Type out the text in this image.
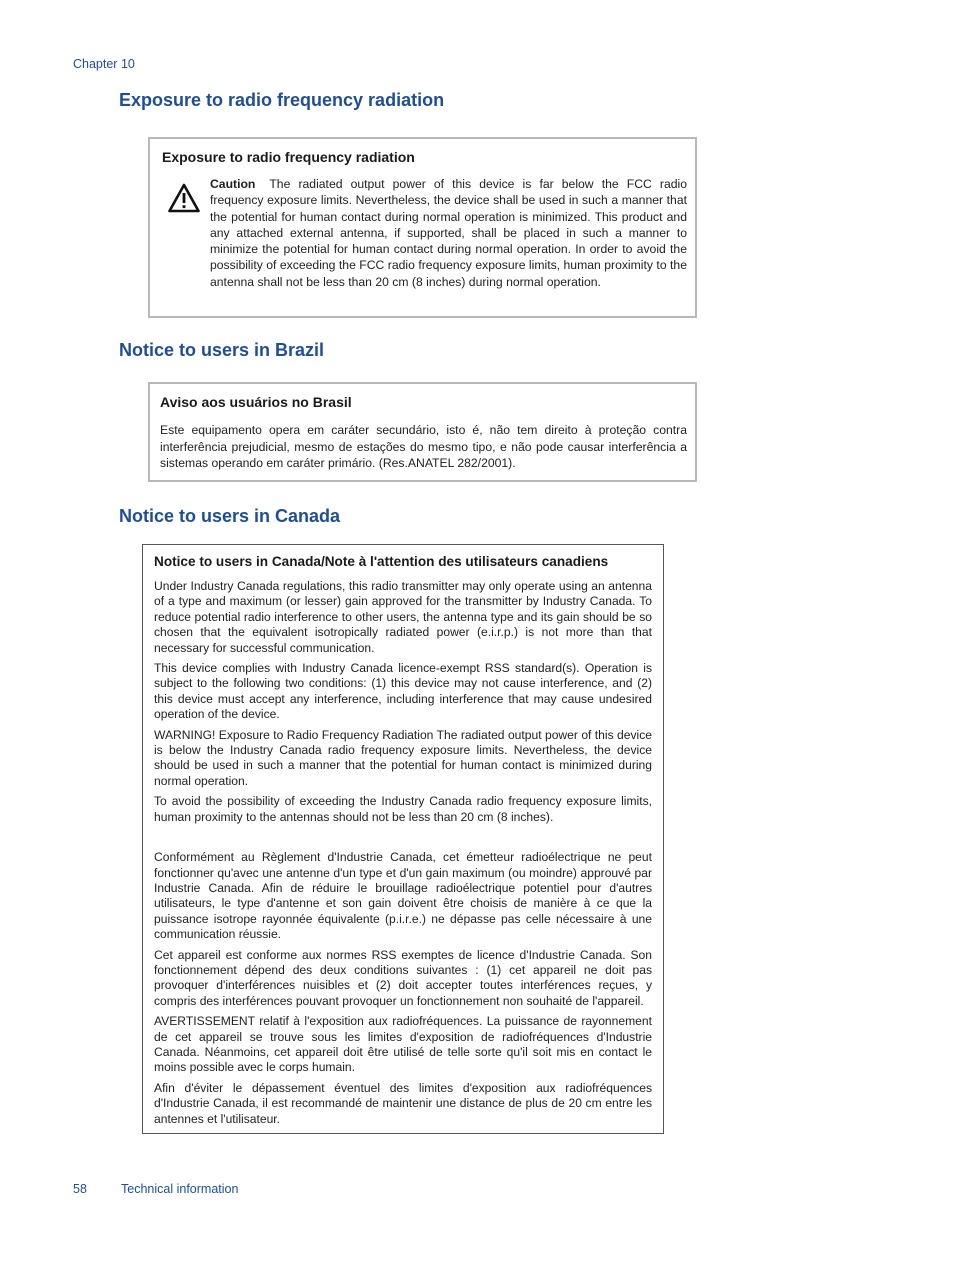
Chapter 10
Exposure to radio frequency radiation
Exposure to radio frequency radiation
Caution The radiated output power of this device is far below the FCC radio frequency exposure limits. Nevertheless, the device shall be used in such a manner that the potential for human contact during normal operation is minimized. This product and any attached external antenna, if supported, shall be placed in such a manner to minimize the potential for human contact during normal operation. In order to avoid the possibility of exceeding the FCC radio frequency exposure limits, human proximity to the antenna shall not be less than 20 cm (8 inches) during normal operation.
Notice to users in Brazil
Aviso aos usuários no Brasil
Este equipamento opera em caráter secundário, isto é, não tem direito à proteção contra interferência prejudicial, mesmo de estações do mesmo tipo, e não pode causar interferência a sistemas operando em caráter primário. (Res.ANATEL 282/2001).
Notice to users in Canada
Notice to users in Canada/Note à l'attention des utilisateurs canadiens

Under Industry Canada regulations, this radio transmitter may only operate using an antenna of a type and maximum (or lesser) gain approved for the transmitter by Industry Canada. To reduce potential radio interference to other users, the antenna type and its gain should be so chosen that the equivalent isotropically radiated power (e.i.r.p.) is not more than that necessary for successful communication.

This device complies with Industry Canada licence-exempt RSS standard(s). Operation is subject to the following two conditions: (1) this device may not cause interference, and (2) this device must accept any interference, including interference that may cause undesired operation of the device.

WARNING! Exposure to Radio Frequency Radiation The radiated output power of this device is below the Industry Canada radio frequency exposure limits. Nevertheless, the device should be used in such a manner that the potential for human contact is minimized during normal operation.

To avoid the possibility of exceeding the Industry Canada radio frequency exposure limits, human proximity to the antennas should not be less than 20 cm (8 inches).

Conformément au Règlement d'Industrie Canada, cet émetteur radioélectrique ne peut fonctionner qu'avec une antenne d'un type et d'un gain maximum (ou moindre) approuvé par Industrie Canada. Afin de réduire le brouillage radioélectrique potentiel pour d'autres utilisateurs, le type d'antenne et son gain doivent être choisis de manière à ce que la puissance isotrope rayonnée équivalente (p.i.r.e.) ne dépasse pas celle nécessaire à une communication réussie.

Cet appareil est conforme aux normes RSS exemptes de licence d'Industrie Canada. Son fonctionnement dépend des deux conditions suivantes : (1) cet appareil ne doit pas provoquer d'interférences nuisibles et (2) doit accepter toutes interférences reçues, y compris des interférences pouvant provoquer un fonctionnement non souhaité de l'appareil.

AVERTISSEMENT relatif à l'exposition aux radiofréquences. La puissance de rayonnement de cet appareil se trouve sous les limites d'exposition de radiofréquences d'Industrie Canada. Néanmoins, cet appareil doit être utilisé de telle sorte qu'il soit mis en contact le moins possible avec le corps humain.

Afin d'éviter le dépassement éventuel des limites d'exposition aux radiofréquences d'Industrie Canada, il est recommandé de maintenir une distance de plus de 20 cm entre les antennes et l'utilisateur.

58	Technical information
